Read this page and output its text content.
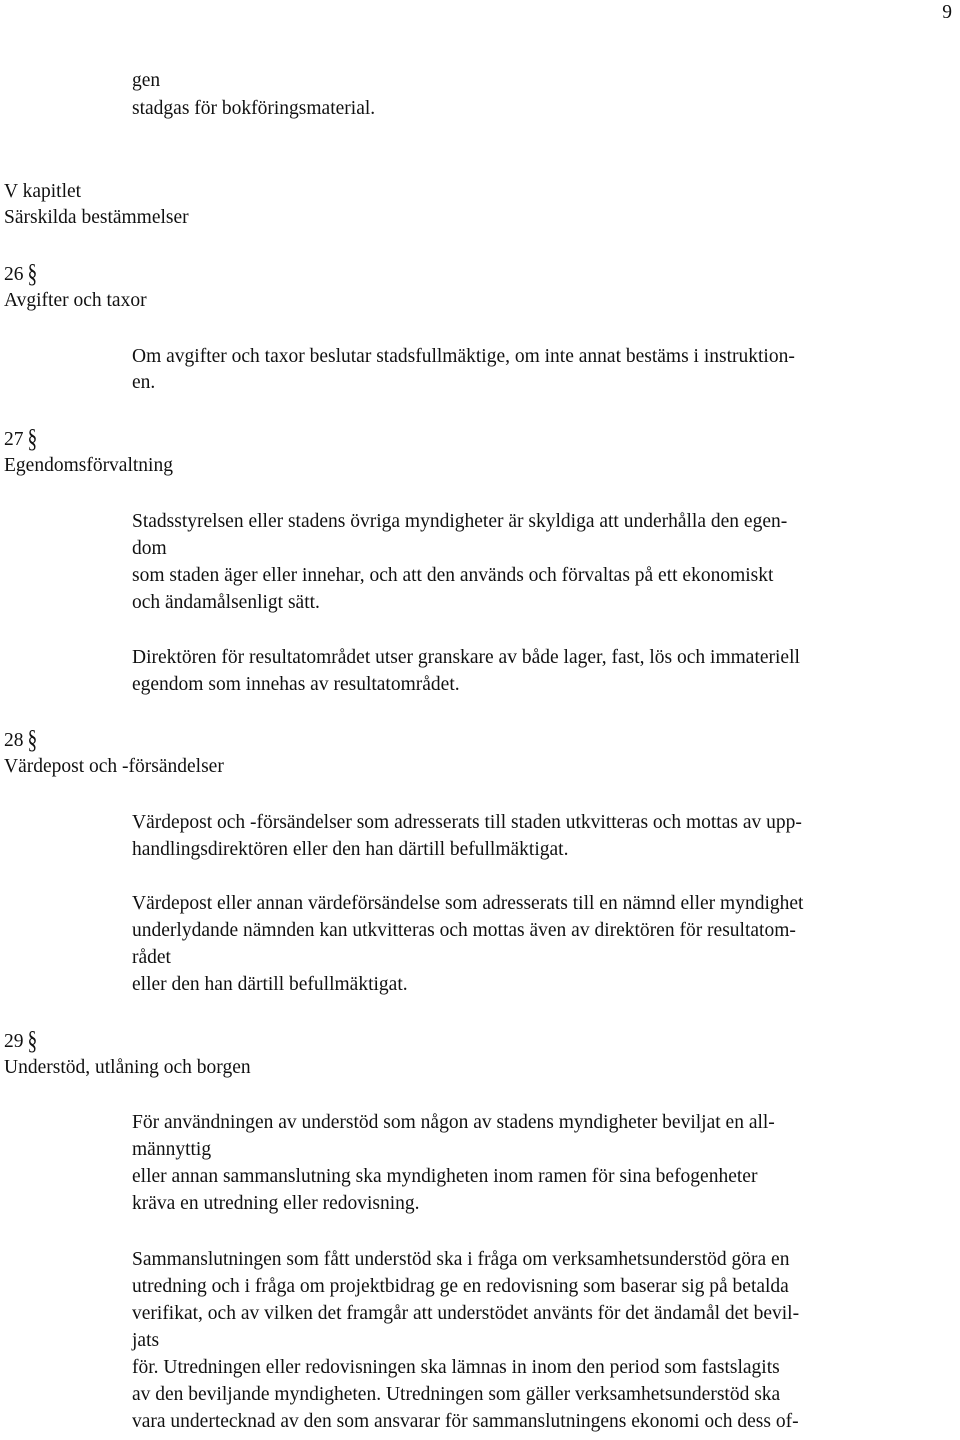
9
gen
stadgas för bokföringsmaterial.
V kapitlet
Särskilda bestämmelser
26 §
Avgifter och taxor
Om avgifter och taxor beslutar stadsfullmäktige, om inte annat bestäms i instruktion-
en.
27 §
Egendomsförvaltning
Stadsstyrelsen eller stadens övriga myndigheter är skyldiga att underhålla den egen-
dom
som staden äger eller innehar, och att den används och förvaltas på ett ekonomiskt
och ändamålsenligt sätt.
Direktören för resultatområdet utser granskare av både lager, fast, lös och immateriell
egendom som innehas av resultatområdet.
28 §
Värdepost och -försändelser
Värdepost och -försändelser som adresserats till staden utkvitteras och mottas av upp-
handlingsdirektören eller den han därtill befullmäktigat.
Värdepost eller annan värdeförsändelse som adresserats till en nämnd eller myndighet
underlydande nämnden kan utkvitteras och mottas även av direktören för resultatom-
rådet
eller den han därtill befullmäktigat.
29 §
Understöd, utlåning och borgen
För användningen av understöd som någon av stadens myndigheter beviljat en all-
männyttig
eller annan sammanslutning ska myndigheten inom ramen för sina befogenheter
kräva en utredning eller redovisning.
Sammanslutningen som fått understöd ska i fråga om verksamhetsunderstöd göra en
utredning och i fråga om projektbidrag ge en redovisning som baserar sig på betalda
verifikat, och av vilken det framgår att understödet använts för det ändamål det bevil-
jats
för. Utredningen eller redovisningen ska lämnas in inom den period som fastslagits
av den beviljande myndigheten. Utredningen som gäller verksamhetsunderstöd ska
vara undertecknad av den som ansvarar för sammanslutningens ekonomi och dess of-
